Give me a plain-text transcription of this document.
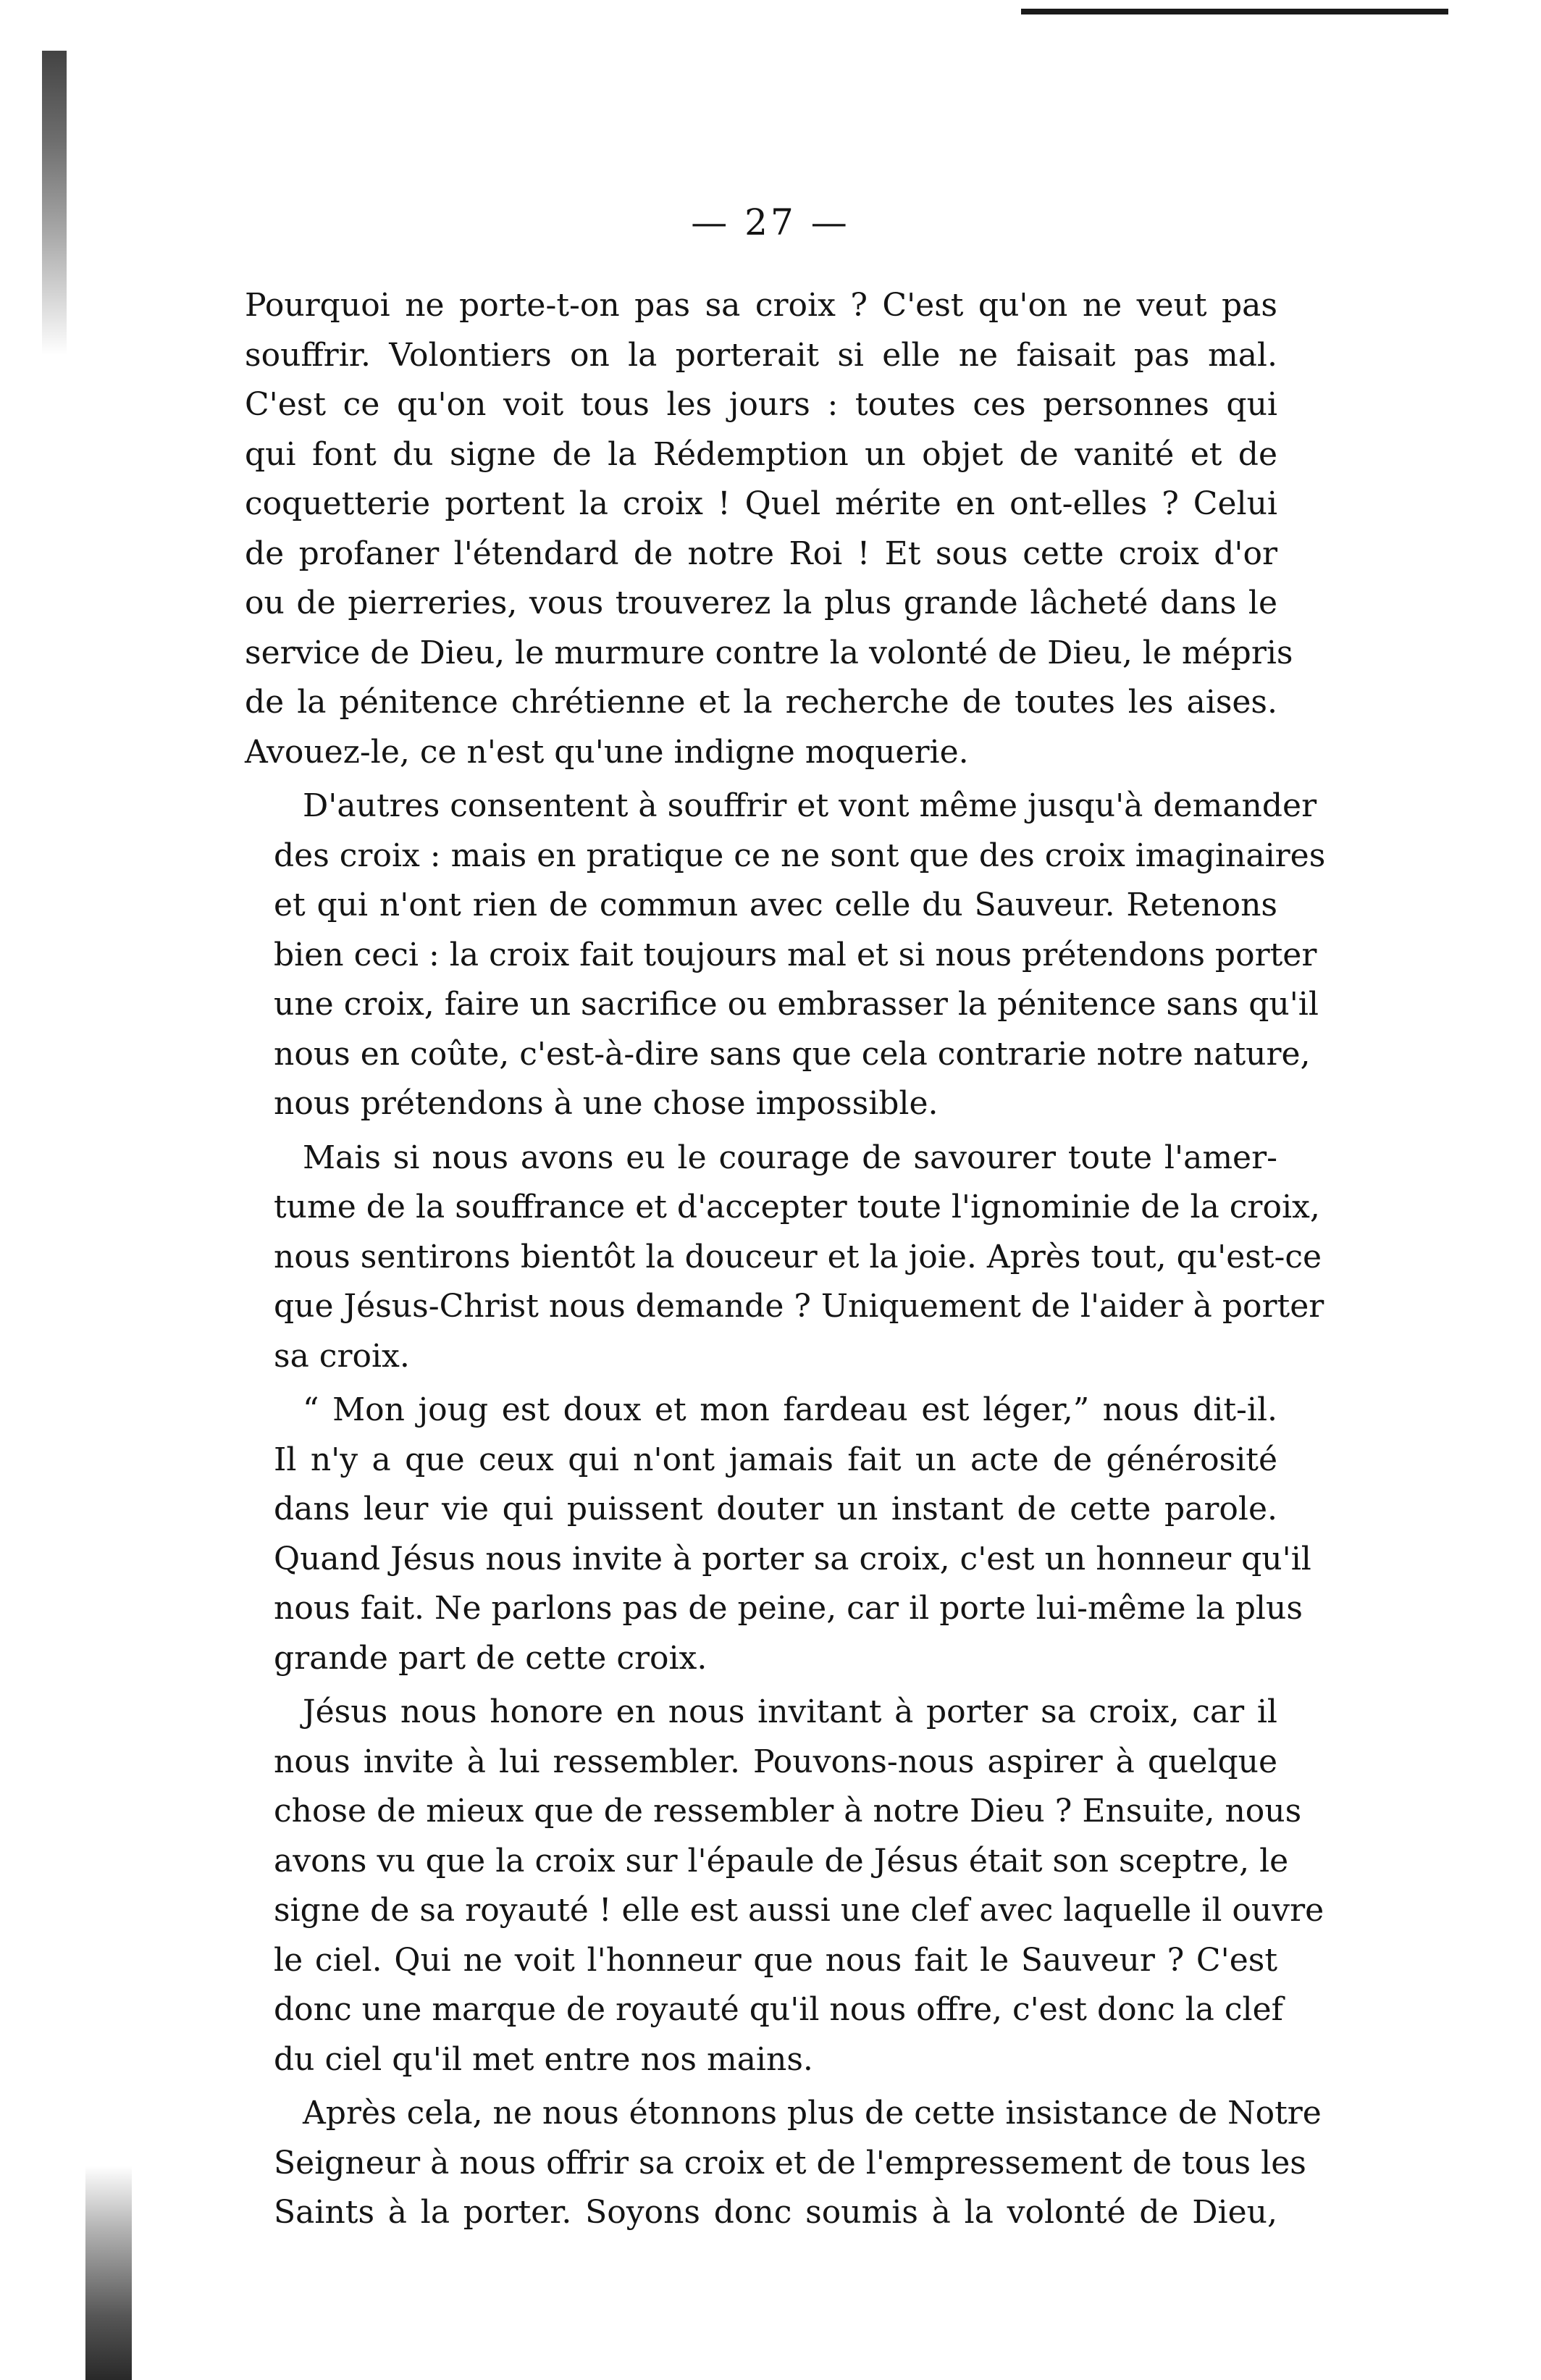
— 27 —
Pourquoi ne porte-t-on pas sa croix ? C'est qu'on ne veut pas
souffrir. Volontiers on la porterait si elle ne faisait pas mal.
C'est ce qu'on voit tous les jours : toutes ces personnes qui
qui font du signe de la Rédemption un objet de vanité et de
coquetterie portent la croix ! Quel mérite en ont-elles ? Celui
de profaner l'étendard de notre Roi ! Et sous cette croix d'or
ou de pierreries, vous trouverez la plus grande lâcheté dans le
service de Dieu, le murmure contre la volonté de Dieu, le mépris
de la pénitence chrétienne et la recherche de toutes les aises.
Avouez-le, ce n'est qu'une indigne moquerie.
D'autres consentent à souffrir et vont même jusqu'à demander
des croix : mais en pratique ce ne sont que des croix imaginaires
et qui n'ont rien de commun avec celle du Sauveur. Retenons
bien ceci : la croix fait toujours mal et si nous prétendons porter
une croix, faire un sacrifice ou embrasser la pénitence sans qu'il
nous en coûte, c'est-à-dire sans que cela contrarie notre nature,
nous prétendons à une chose impossible.
Mais si nous avons eu le courage de savourer toute l'amer-
tume de la souffrance et d'accepter toute l'ignominie de la croix,
nous sentirons bientôt la douceur et la joie. Après tout, qu'est-ce
que Jésus-Christ nous demande ? Uniquement de l'aider à porter
sa croix.
“ Mon joug est doux et mon fardeau est léger,” nous dit-il.
Il n'y a que ceux qui n'ont jamais fait un acte de générosité
dans leur vie qui puissent douter un instant de cette parole.
Quand Jésus nous invite à porter sa croix, c'est un honneur qu'il
nous fait. Ne parlons pas de peine, car il porte lui-même la plus
grande part de cette croix.
Jésus nous honore en nous invitant à porter sa croix, car il
nous invite à lui ressembler. Pouvons-nous aspirer à quelque
chose de mieux que de ressembler à notre Dieu ? Ensuite, nous
avons vu que la croix sur l'épaule de Jésus était son sceptre, le
signe de sa royauté ! elle est aussi une clef avec laquelle il ouvre
le ciel. Qui ne voit l'honneur que nous fait le Sauveur ? C'est
donc une marque de royauté qu'il nous offre, c'est donc la clef
du ciel qu'il met entre nos mains.
Après cela, ne nous étonnons plus de cette insistance de Notre
Seigneur à nous offrir sa croix et de l'empressement de tous les
Saints à la porter. Soyons donc soumis à la volonté de Dieu,
